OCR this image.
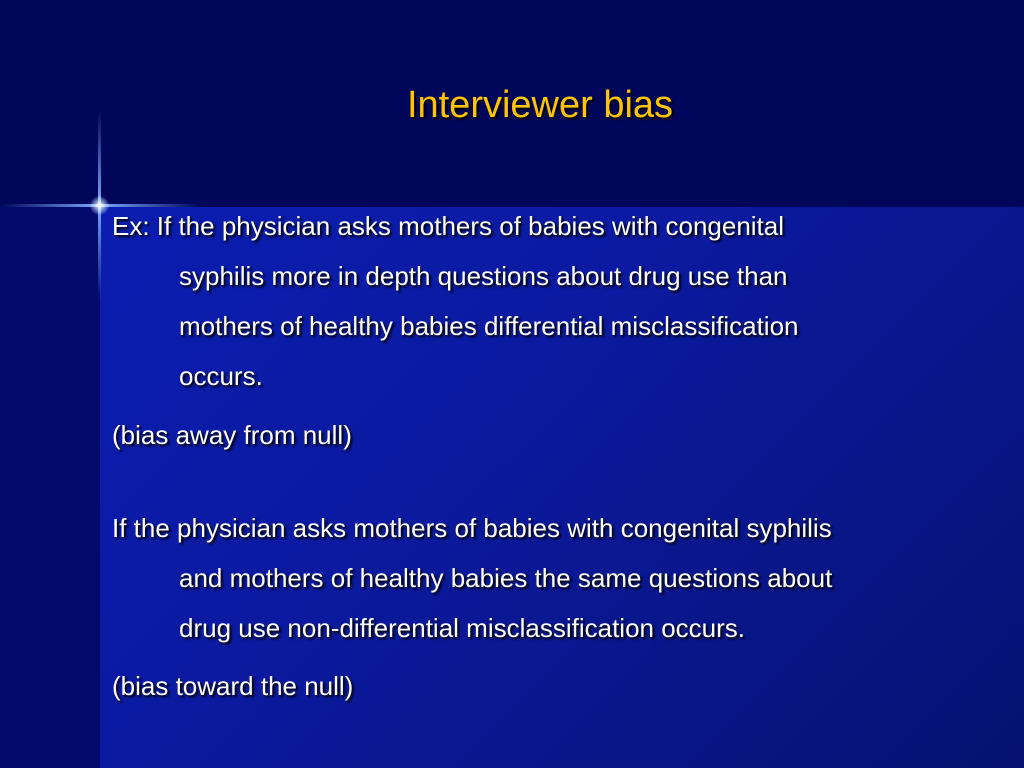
Interviewer bias
Ex: If the physician asks mothers of babies with congenital
syphilis more in depth questions about drug use than
mothers of healthy babies differential misclassification
occurs.
(bias away from null)
If the physician asks mothers of babies with congenital syphilis
and mothers of healthy babies the same questions about
drug use non-differential misclassification occurs.
(bias toward the null)
